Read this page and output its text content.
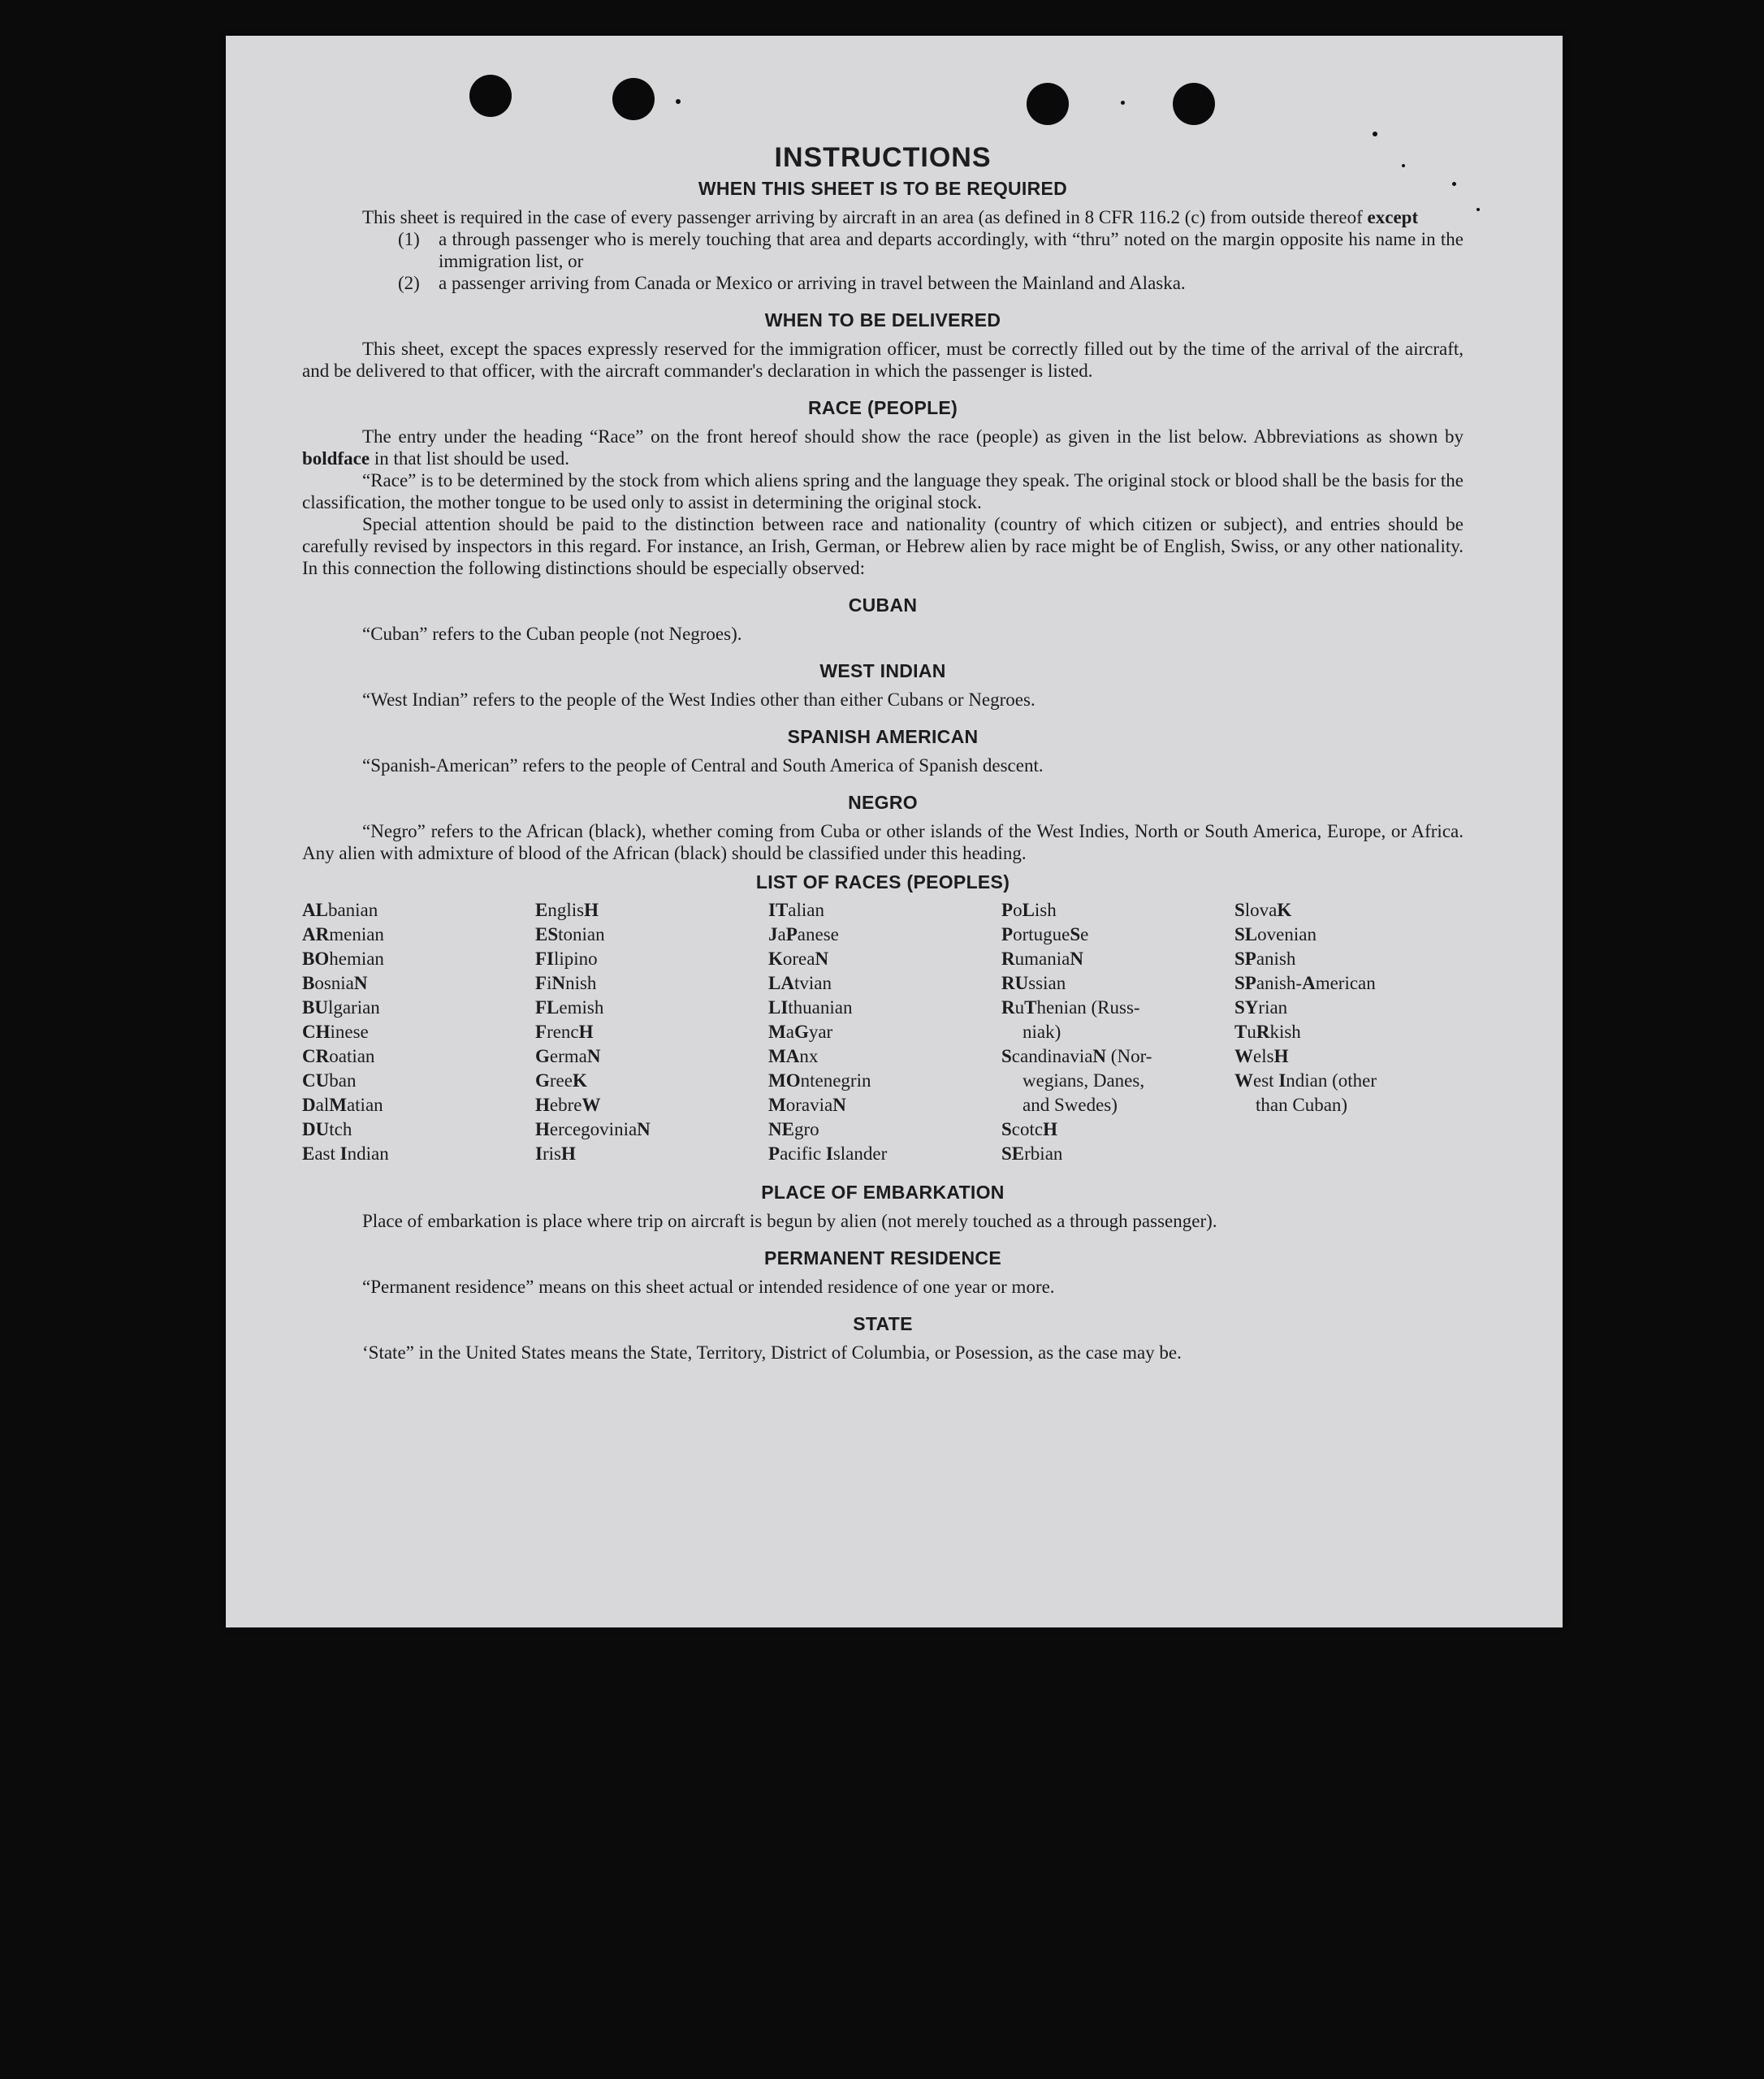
INSTRUCTIONS
WHEN THIS SHEET IS TO BE REQUIRED

This sheet is required in the case of every passenger arriving by aircraft in an area (as defined in 8 CFR 116.2 (c) from outside thereof except

(1)	a through passenger who is merely touching that area and departs accordingly, with “thru” noted on the margin opposite his name in the immigration list, or
(2)	a passenger arriving from Canada or Mexico or arriving in travel between the Mainland and Alaska.
WHEN TO BE DELIVERED

This sheet, except the spaces expressly reserved for the immigration officer, must be correctly filled out by the time of the arrival of the aircraft, and be delivered to that officer, with the aircraft commander's declaration in which the passenger is listed.

RACE (PEOPLE)

The entry under the heading “Race” on the front hereof should show the race (people) as given in the list below. Abbreviations as shown by boldface in that list should be used.

“Race” is to be determined by the stock from which aliens spring and the language they speak. The original stock or blood shall be the basis for the classification, the mother tongue to be used only to assist in determining the original stock.

Special attention should be paid to the distinction between race and nationality (country of which citizen or subject), and entries should be carefully revised by inspectors in this regard. For instance, an Irish, German, or Hebrew alien by race might be of English, Swiss, or any other nationality. In this connection the following distinctions should be especially observed:

CUBAN

“Cuban” refers to the Cuban people (not Negroes).

WEST INDIAN

“West Indian” refers to the people of the West Indies other than either Cubans or Negroes.

SPANISH AMERICAN

“Spanish-American” refers to the people of Central and South America of Spanish descent.

NEGRO

“Negro” refers to the African (black), whether coming from Cuba or other islands of the West Indies, North or South America, Europe, or Africa. Any alien with admixture of blood of the African (black) should be classified under this heading.

LIST OF RACES (PEOPLES)
ALbanian
ARmenian
BOhemian
BosniaN
BUlgarian
CHinese
CRoatian
CUban
DalMatian
DUtch
East Indian
EnglisH
EStonian
FIlipino
FiNnish
FLemish
FrencH
GermaN
GreeK
HebreW
HercegoviniaN
IrisH
ITalian
JaPanese
KoreaN
LAtvian
LIthuanian
MaGyar
MAnx
MOntenegrin
MoraviaN
NEgro
Pacific Islander
PoLish
PortugueSe
RumaniaN
RUssian
RuThenian (Russ-
niak)
ScandinaviaN (Nor-
wegians, Danes,
and Swedes)
ScotcH
SErbian
SlovaK
SLovenian
SPanish
SPanish-American
SYrian
TuRkish
WelsH
West Indian (other
than Cuban)
PLACE OF EMBARKATION

Place of embarkation is place where trip on aircraft is begun by alien (not merely touched as a through passenger).

PERMANENT RESIDENCE

“Permanent residence” means on this sheet actual or intended residence of one year or more.

STATE

‘State” in the United States means the State, Territory, District of Columbia, or Posession, as the case may be.
